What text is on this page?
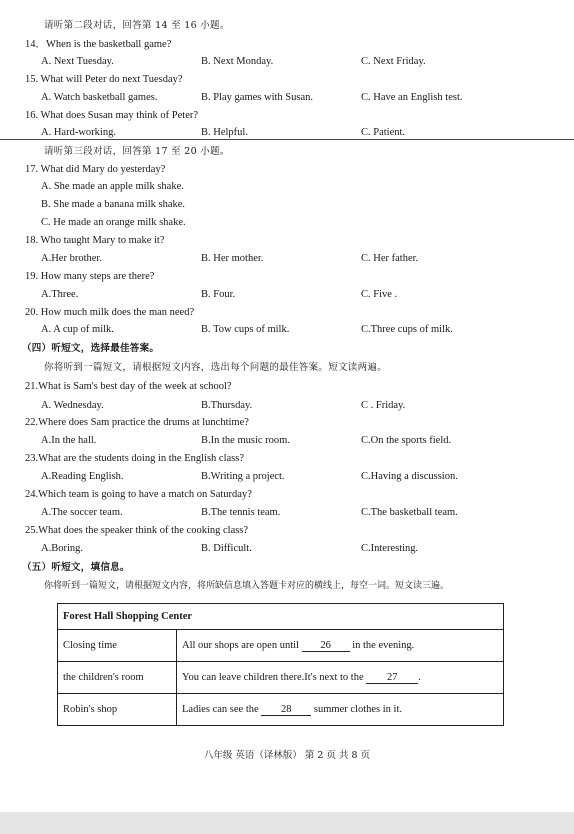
请听第二段对话，回答第 14 至 16 小题。
14．When is the basketball game?
A. Next Tuesday.	B. Next Monday.	C. Next Friday.
15. What will Peter do next Tuesday?
A. Watch basketball games.	B. Play games with Susan.	C. Have an English test.
16. What does Susan may think of Peter?
A. Hard-working.	B. Helpful.	C. Patient.
请听第三段对话，回答第 17 至 20 小题。
17. What did Mary do yesterday?
A. She made an apple milk shake.
B. She made a banana milk shake.
C. He made an orange milk shake.
18. Who taught Mary to make it?
A.Her brother.	B. Her mother.	C. Her father.
19. How many steps are there?
A.Three.	B. Four.	C. Five .
20. How much milk does the man need?
A. A cup of milk.	B. Tow cups of milk.	C.Three cups of milk.
（四）听短文，选择最佳答案。
你将听到一篇短文，请根据短文内容，选出每个问题的最佳答案。短文读两遍。
21.What is Sam's best day of the week at school?
A. Wednesday.	B.Thursday.	C . Friday.
22.Where does Sam practice the drums at lunchtime?
A.In the hall.	B.In the music room.	C.On the sports field.
23.What are the students doing in the English class?
A.Reading English.	B.Writing a project.	C.Having a discussion.
24.Which team is going to have a match on Saturday?
A.The soccer team.	B.The tennis team.	C.The basketball team.
25.What does the speaker think of the cooking class?
A.Boring.	B. Difficult.	C.Interesting.
（五）听短文，填信息。
你将听到一篇短文，请根据短文内容，将所缺信息填入答题卡对应的横线上，每空一词。短文读三遍。
Forest Hall Shopping Center	
Closing time	All our shops are open until 26 in the evening.
the children's room	You can leave children there.It's next to the 27 .
Robin's shop	Ladies can see the 28 summer clothes in it.
八年级 英语（译林版） 第 2 页 共 8 页
